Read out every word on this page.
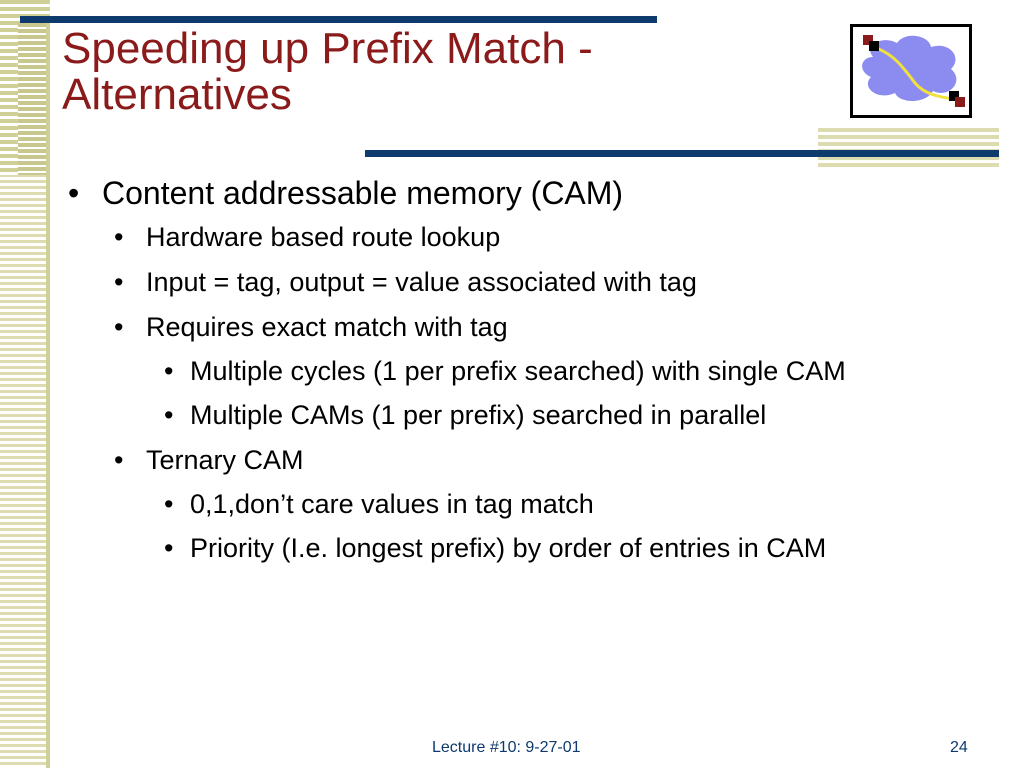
Speeding up Prefix Match -
Alternatives
• Content addressable memory (CAM)
• Hardware based route lookup
• Input = tag, output = value associated with tag
• Requires exact match with tag
• Multiple cycles (1 per prefix searched) with single CAM
• Multiple CAMs (1 per prefix) searched in parallel
• Ternary CAM
• 0,1,don’t care values in tag match
• Priority (I.e. longest prefix) by order of entries in CAM
Lecture #10: 9-27-01	24
